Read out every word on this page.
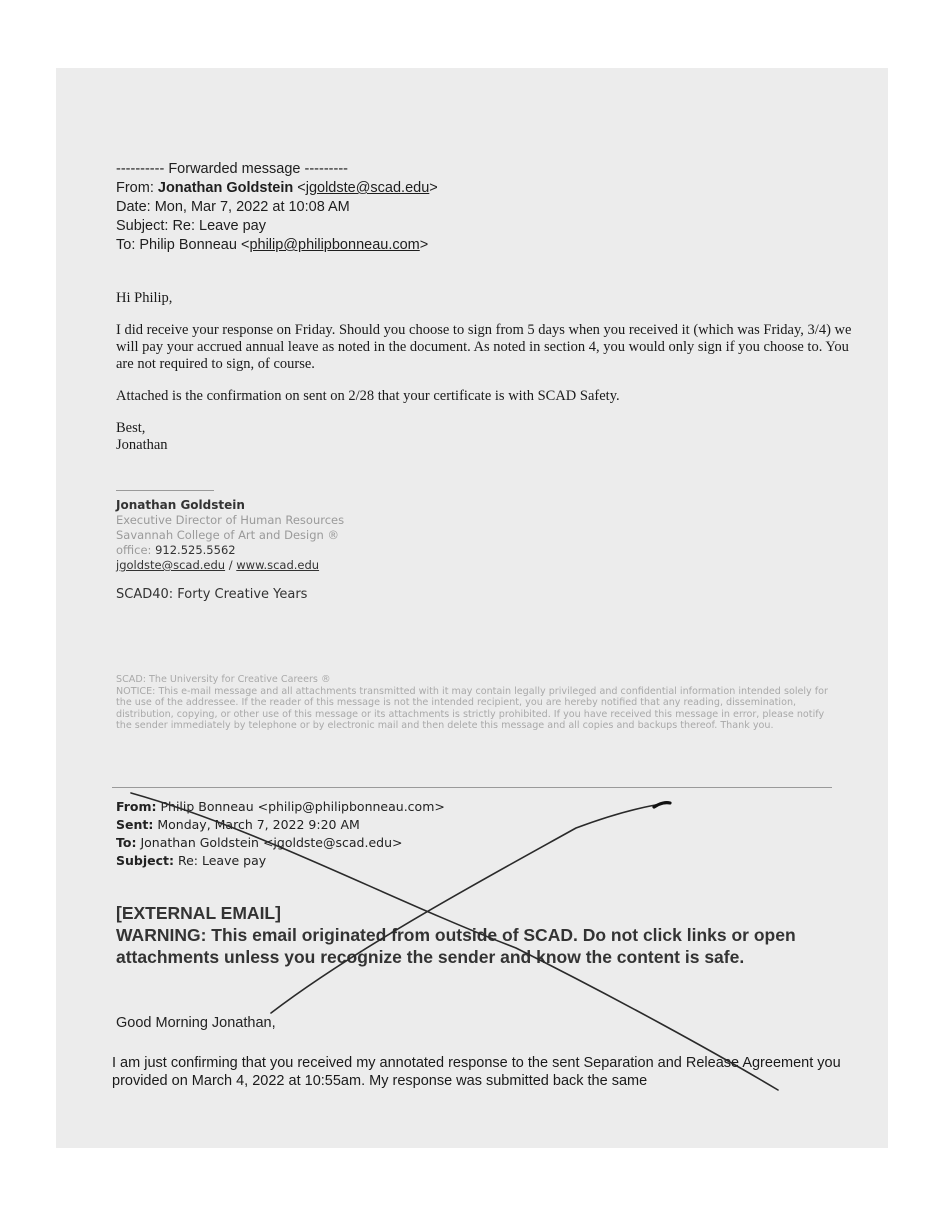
---------- Forwarded message ---------
From: Jonathan Goldstein <jgoldste@scad.edu>
Date: Mon, Mar 7, 2022 at 10:08 AM
Subject: Re: Leave pay
To: Philip Bonneau <philip@philipbonneau.com>

Hi Philip,

I did receive your response on Friday. Should you choose to sign from 5 days when you received it (which was Friday, 3/4) we will pay your accrued annual leave as noted in the document. As noted in section 4, you would only sign if you choose to. You are not required to sign, of course.

Attached is the confirmation on sent on 2/28 that your certificate is with SCAD Safety.

Best,

Jonathan

Jonathan Goldstein
Executive Director of Human Resources
Savannah College of Art and Design ®
office: 912.525.5562
jgoldste@scad.edu / www.scad.edu
SCAD40: Forty Creative Years
SCAD: The University for Creative Careers ®
NOTICE: This e-mail message and all attachments transmitted with it may contain legally privileged and confidential information intended solely for the use of the addressee. If the reader of this message is not the intended recipient, you are hereby notified that any reading, dissemination, distribution, copying, or other use of this message or its attachments is strictly prohibited. If you have received this message in error, please notify the sender immediately by telephone or by electronic mail and then delete this message and all copies and backups thereof. Thank you.
From: Philip Bonneau <philip@philipbonneau.com>
Sent: Monday, March 7, 2022 9:20 AM
To: Jonathan Goldstein <jgoldste@scad.edu>
Subject: Re: Leave pay
[EXTERNAL EMAIL]
WARNING: This email originated from outside of SCAD. Do not click links or open attachments unless you recognize the sender and know the content is safe.
Good Morning Jonathan,
I am just confirming that you received my annotated response to the sent Separation and Release Agreement you provided on March 4, 2022 at 10:55am. My response was submitted back the same
